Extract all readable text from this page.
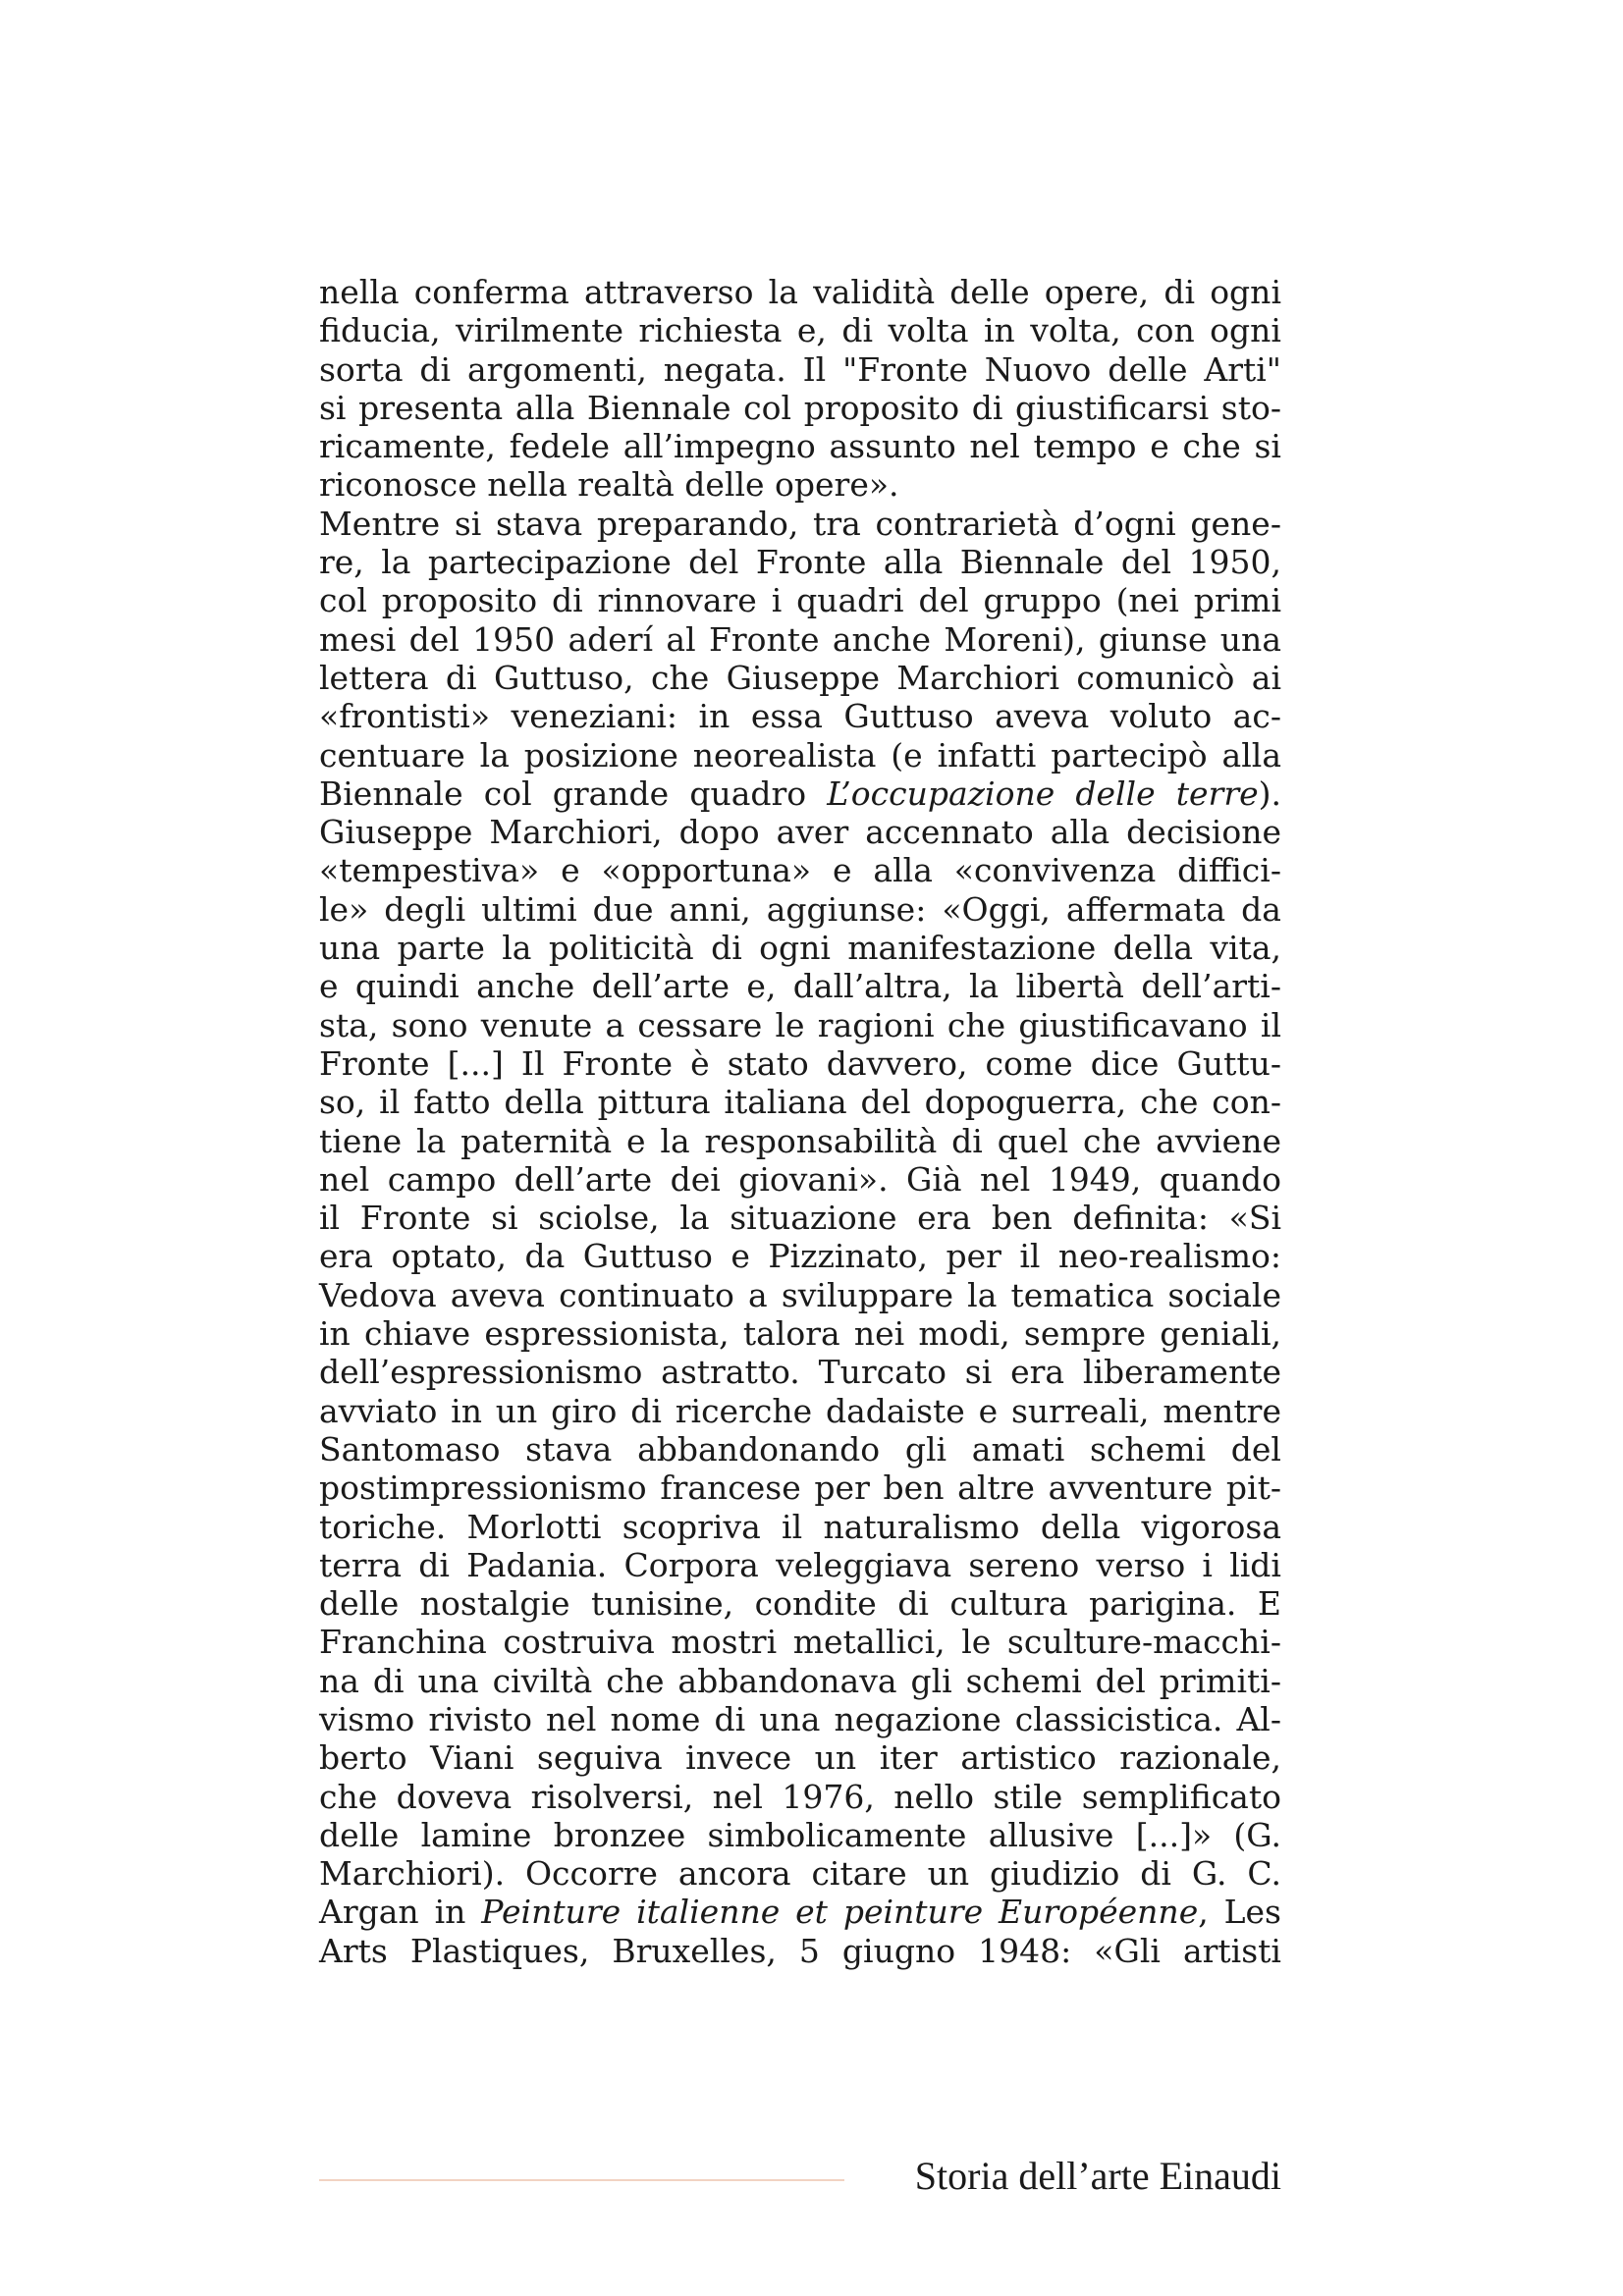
nella conferma attraverso la validità delle opere, di ogni
fiducia, virilmente richiesta e, di volta in volta, con ogni
sorta di argomenti, negata. Il "Fronte Nuovo delle Arti"
si presenta alla Biennale col proposito di giustificarsi sto-
ricamente, fedele all’impegno assunto nel tempo e che si
riconosce nella realtà delle opere».
Mentre si stava preparando, tra contrarietà d’ogni gene-
re, la partecipazione del Fronte alla Biennale del 1950,
col proposito di rinnovare i quadri del gruppo (nei primi
mesi del 1950 aderí al Fronte anche Moreni), giunse una
lettera di Guttuso, che Giuseppe Marchiori comunicò ai
«frontisti» veneziani: in essa Guttuso aveva voluto ac-
centuare la posizione neorealista (e infatti partecipò alla
Biennale col grande quadro L’occupazione delle terre).
Giuseppe Marchiori, dopo aver accennato alla decisione
«tempestiva» e «opportuna» e alla «convivenza diffici-
le» degli ultimi due anni, aggiunse: «Oggi, affermata da
una parte la politicità di ogni manifestazione della vita,
e quindi anche dell’arte e, dall’altra, la libertà dell’arti-
sta, sono venute a cessare le ragioni che giustificavano il
Fronte [...] Il Fronte è stato davvero, come dice Guttu-
so, il fatto della pittura italiana del dopoguerra, che con-
tiene la paternità e la responsabilità di quel che avviene
nel campo dell’arte dei giovani». Già nel 1949, quando
il Fronte si sciolse, la situazione era ben definita: «Si
era optato, da Guttuso e Pizzinato, per il neo-realismo:
Vedova aveva continuato a sviluppare la tematica sociale
in chiave espressionista, talora nei modi, sempre geniali,
dell’espressionismo astratto. Turcato si era liberamente
avviato in un giro di ricerche dadaiste e surreali, mentre
Santomaso stava abbandonando gli amati schemi del
postimpressionismo francese per ben altre avventure pit-
toriche. Morlotti scopriva il naturalismo della vigorosa
terra di Padania. Corpora veleggiava sereno verso i lidi
delle nostalgie tunisine, condite di cultura parigina. E
Franchina costruiva mostri metallici, le sculture-macchi-
na di una civiltà che abbandonava gli schemi del primiti-
vismo rivisto nel nome di una negazione classicistica. Al-
berto Viani seguiva invece un iter artistico razionale,
che doveva risolversi, nel 1976, nello stile semplificato
delle lamine bronzee simbolicamente allusive [...]» (G.
Marchiori). Occorre ancora citare un giudizio di G. C.
Argan in Peinture italienne et peinture Européenne, Les
Arts Plastiques, Bruxelles, 5 giugno 1948: «Gli artisti
Storia dell’arte Einaudi
